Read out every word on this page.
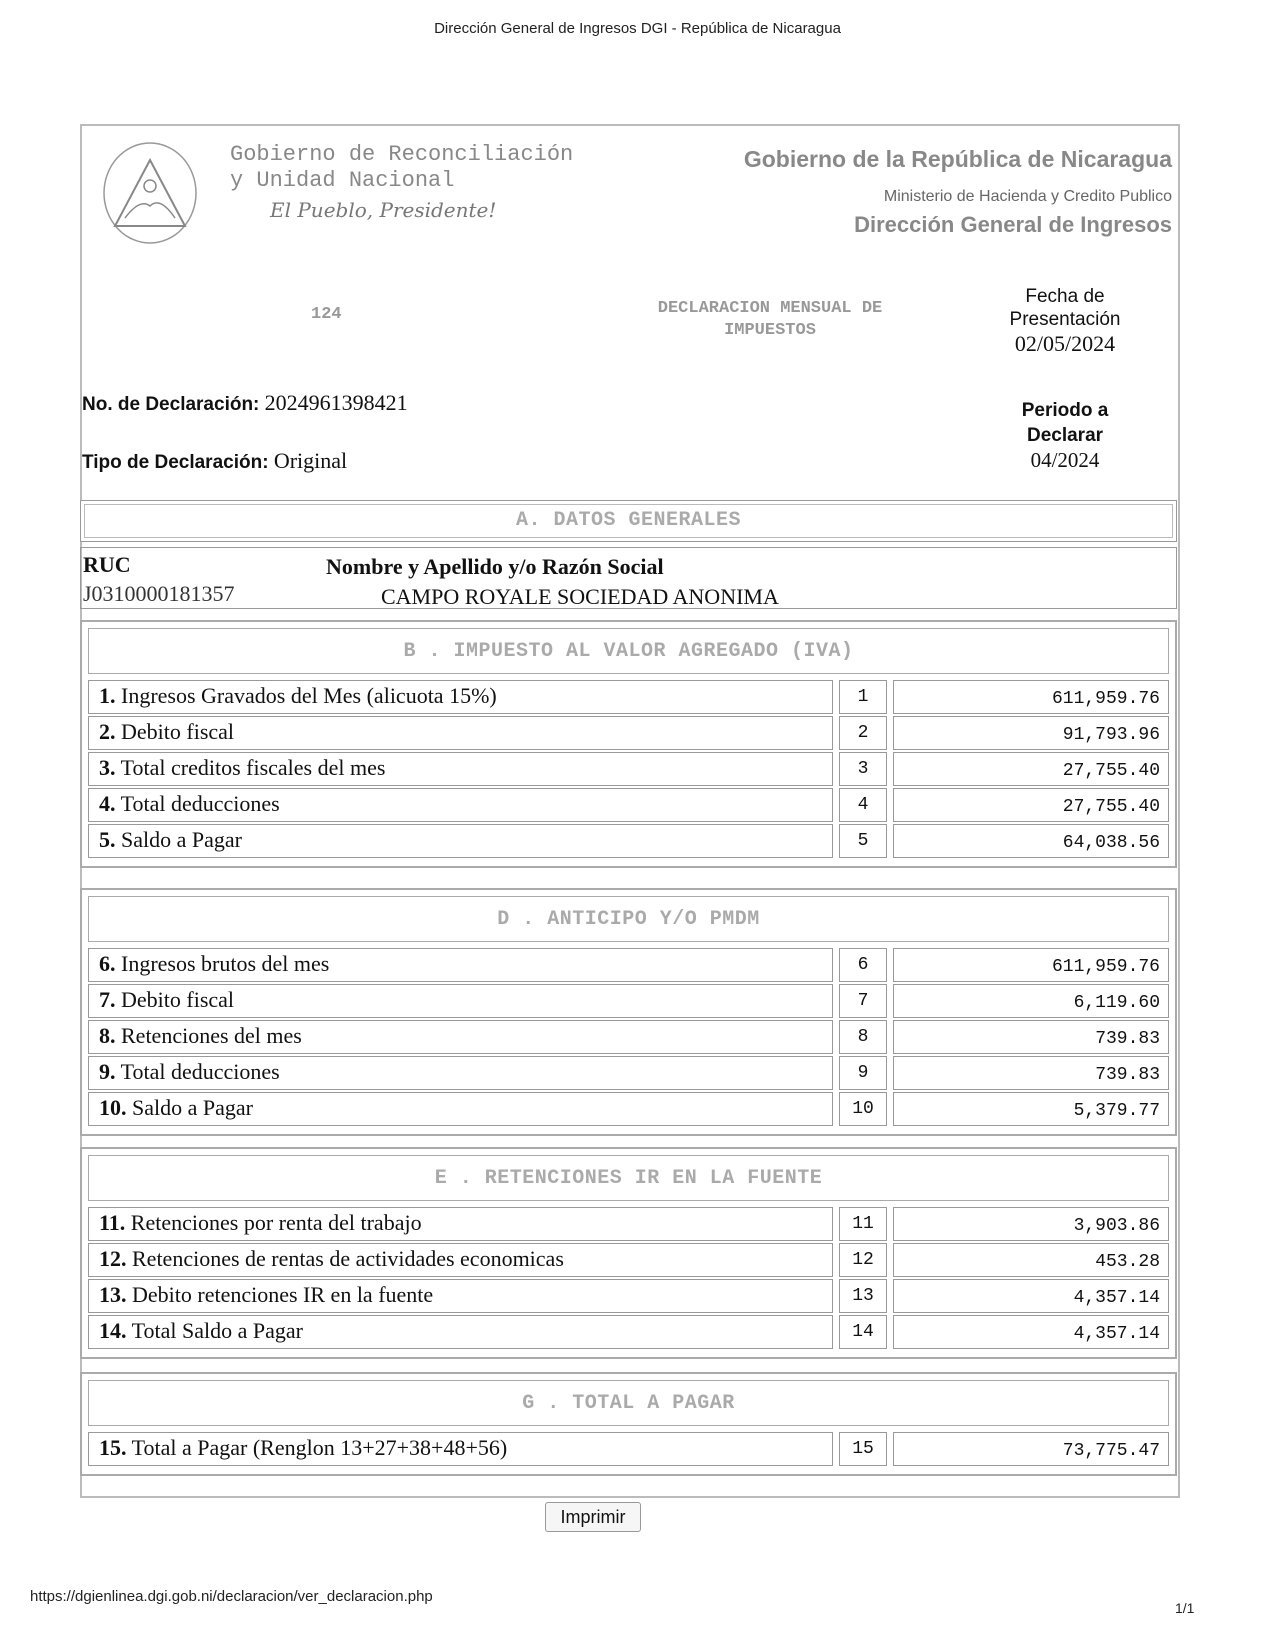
Dirección General de Ingresos DGI - República de Nicaragua
Gobierno de Reconciliación
y Unidad Nacional
El Pueblo, Presidente!
Gobierno de la República de Nicaragua
Ministerio de Hacienda y Credito Publico
Dirección General de Ingresos
124	DECLARACION MENSUAL DE
IMPUESTOS
Fecha de
Presentación
02/05/2024
Periodo a
Declarar
04/2024
No. de Declaración: 2024961398421
Tipo de Declaración: Original
A. DATOS GENERALES
RUC
J0310000181357
Nombre y Apellido y/o Razón Social
CAMPO ROYALE SOCIEDAD ANONIMA
B . IMPUESTO AL VALOR AGREGADO (IVA)
1. Ingresos Gravados del Mes (alicuota 15%)	1	611,959.76
2. Debito fiscal	2	91,793.96
3. Total creditos fiscales del mes	3	27,755.40
4. Total deducciones	4	27,755.40
5. Saldo a Pagar	5	64,038.56
D . ANTICIPO Y/O PMDM
6. Ingresos brutos del mes	6	611,959.76
7. Debito fiscal	7	6,119.60
8. Retenciones del mes	8	739.83
9. Total deducciones	9	739.83
10. Saldo a Pagar	10	5,379.77
E . RETENCIONES IR EN LA FUENTE
11. Retenciones por renta del trabajo	11	3,903.86
12. Retenciones de rentas de actividades economicas	12	453.28
13. Debito retenciones IR en la fuente	13	4,357.14
14. Total Saldo a Pagar	14	4,357.14
G . TOTAL A PAGAR
15. Total a Pagar (Renglon 13+27+38+48+56)	15	73,775.47
Imprimir
https://dgienlinea.dgi.gob.ni/declaracion/ver_declaracion.php
1/1
